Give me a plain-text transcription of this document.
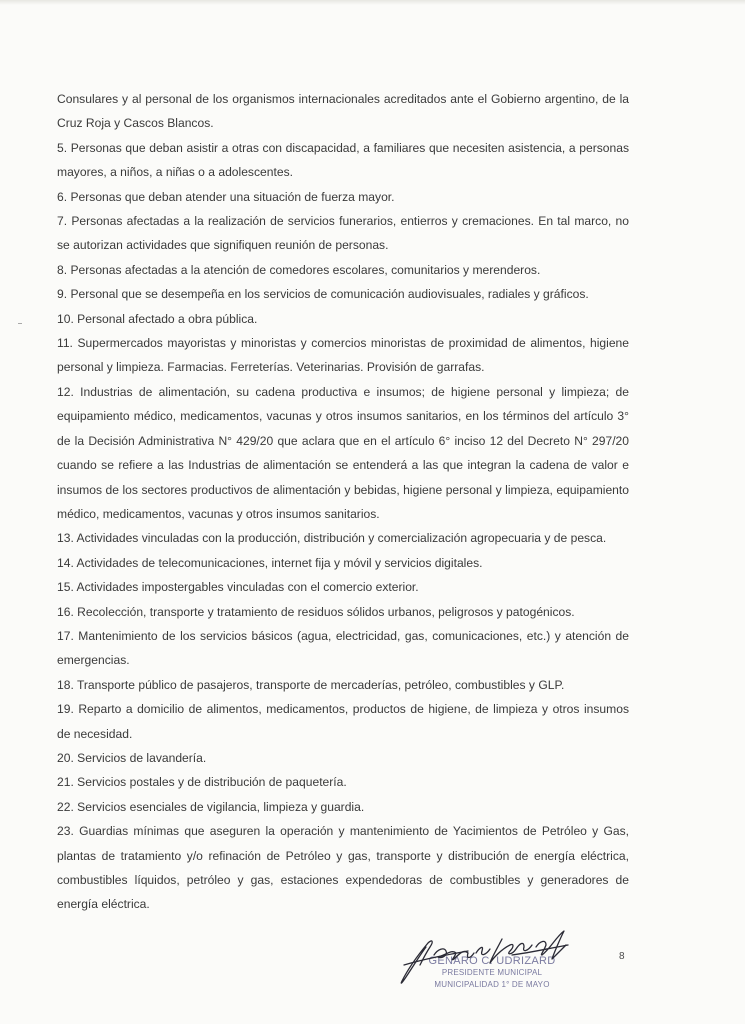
Consulares y al personal de los organismos internacionales acreditados ante el Gobierno argentino, de la Cruz Roja y Cascos Blancos.

5. Personas que deban asistir a otras con discapacidad, a familiares que necesiten asistencia, a personas mayores, a niños, a niñas o a adolescentes.

6. Personas que deban atender una situación de fuerza mayor.

7. Personas afectadas a la realización de servicios funerarios, entierros y cremaciones. En tal marco, no se autorizan actividades que signifiquen reunión de personas.

8. Personas afectadas a la atención de comedores escolares, comunitarios y merenderos.

9. Personal que se desempeña en los servicios de comunicación audiovisuales, radiales y gráficos.

10. Personal afectado a obra pública.

11. Supermercados mayoristas y minoristas y comercios minoristas de proximidad de alimentos, higiene personal y limpieza. Farmacias. Ferreterías. Veterinarias. Provisión de garrafas.

12. Industrias de alimentación, su cadena productiva e insumos; de higiene personal y limpieza; de equipamiento médico, medicamentos, vacunas y otros insumos sanitarios, en los términos del artículo 3° de la Decisión Administrativa N° 429/20 que aclara que en el artículo 6° inciso 12 del Decreto N° 297/20 cuando se refiere a las Industrias de alimentación se entenderá a las que integran la cadena de valor e insumos de los sectores productivos de alimentación y bebidas, higiene personal y limpieza, equipamiento médico, medicamentos, vacunas y otros insumos sanitarios.

13. Actividades vinculadas con la producción, distribución y comercialización agropecuaria y de pesca.

14. Actividades de telecomunicaciones, internet fija y móvil y servicios digitales.

15. Actividades impostergables vinculadas con el comercio exterior.

16. Recolección, transporte y tratamiento de residuos sólidos urbanos, peligrosos y patogénicos.

17. Mantenimiento de los servicios básicos (agua, electricidad, gas, comunicaciones, etc.) y atención de emergencias.

18. Transporte público de pasajeros, transporte de mercaderías, petróleo, combustibles y GLP.

19. Reparto a domicilio de alimentos, medicamentos, productos de higiene, de limpieza y otros insumos de necesidad.

20. Servicios de lavandería.

21. Servicios postales y de distribución de paquetería.

22. Servicios esenciales de vigilancia, limpieza y guardia.

23. Guardias mínimas que aseguren la operación y mantenimiento de Yacimientos de Petróleo y Gas, plantas de tratamiento y/o refinación de Petróleo y gas, transporte y distribución de energía eléctrica, combustibles líquidos, petróleo y gas, estaciones expendedoras de combustibles y generadores de energía eléctrica.

GENARO C. UDRIZARD
PRESIDENTE MUNICIPAL
MUNICIPALIDAD 1° DE MAYO
8
